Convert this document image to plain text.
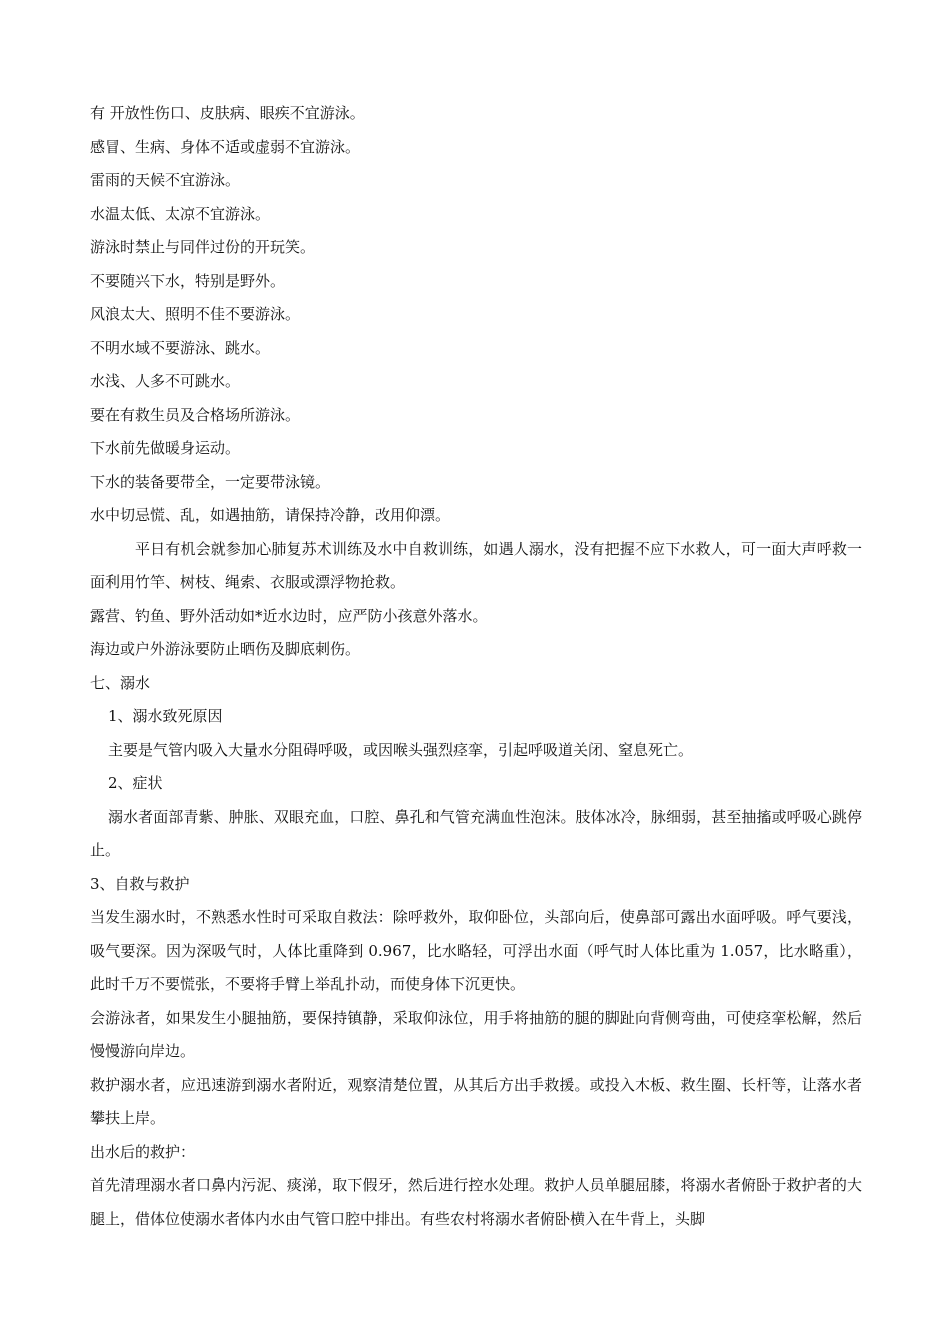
有 开放性伤口、皮肤病、眼疾不宜游泳。
感冒、生病、身体不适或虚弱不宜游泳。
雷雨的天候不宜游泳。
水温太低、太凉不宜游泳。
游泳时禁止与同伴过份的开玩笑。
不要随兴下水，特别是野外。
风浪太大、照明不佳不要游泳。
不明水域不要游泳、跳水。
水浅、人多不可跳水。
要在有救生员及合格场所游泳。
下水前先做暖身运动。
下水的装备要带全，一定要带泳镜。
水中切忌慌、乱，如遇抽筋，请保持冷静，改用仰漂。

平日有机会就参加心肺复苏术训练及水中自救训练，如遇人溺水，没有把握不应下水救人，可一面大声呼救一面利用竹竿、树枝、绳索、衣服或漂浮物抢救。

露营、钓鱼、野外活动如*近水边时，应严防小孩意外落水。
海边或户外游泳要防止晒伤及脚底刺伤。
七、溺水
1、溺水致死原因
主要是气管内吸入大量水分阻碍呼吸，或因喉头强烈痉挛，引起呼吸道关闭、窒息死亡。
2、症状

溺水者面部青紫、肿胀、双眼充血，口腔、鼻孔和气管充满血性泡沫。肢体冰冷，脉细弱，甚至抽搐或呼吸心跳停止。

3、自救与救护

当发生溺水时，不熟悉水性时可采取自救法：除呼救外，取仰卧位，头部向后，使鼻部可露出水面呼吸。呼气要浅，吸气要深。因为深吸气时，人体比重降到 0.967，比水略轻，可浮出水面（呼气时人体比重为 1.057，比水略重），此时千万不要慌张，不要将手臂上举乱扑动，而使身体下沉更快。

会游泳者，如果发生小腿抽筋，要保持镇静，采取仰泳位，用手将抽筋的腿的脚趾向背侧弯曲，可使痉挛松解，然后慢慢游向岸边。

救护溺水者，应迅速游到溺水者附近，观察清楚位置，从其后方出手救援。或投入木板、救生圈、长杆等，让落水者攀扶上岸。

出水后的救护：

首先清理溺水者口鼻内污泥、痰涕，取下假牙，然后进行控水处理。救护人员单腿屈膝，将溺水者俯卧于救护者的大腿上，借体位使溺水者体内水由气管口腔中排出。有些农村将溺水者俯卧横入在牛背上，头脚
